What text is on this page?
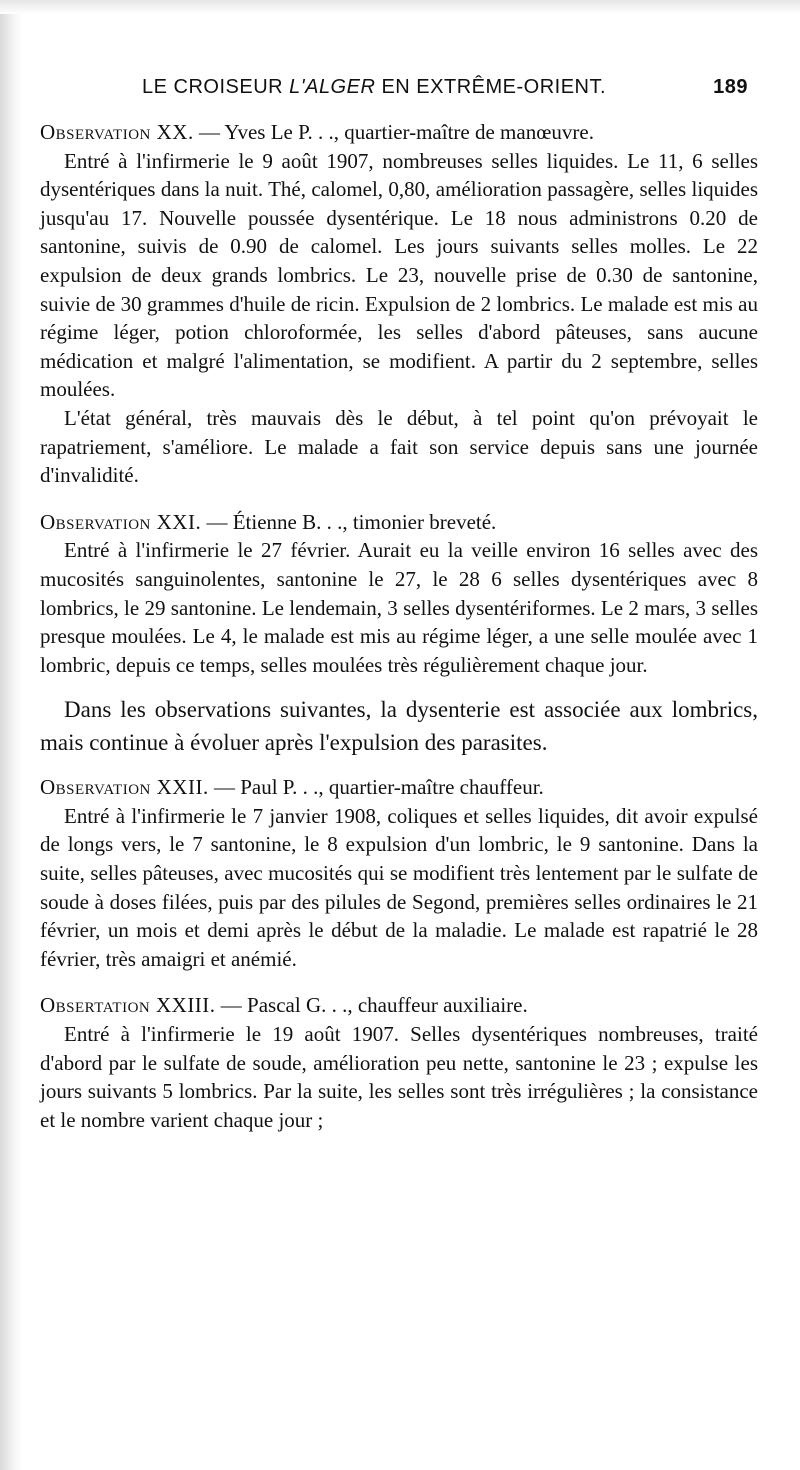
LE CROISEUR L'ALGER EN EXTRÊME-ORIENT.	189

Observation XX. — Yves Le P. . ., quartier-maître de manœuvre.

Entré à l'infirmerie le 9 août 1907, nombreuses selles liquides. Le 11, 6 selles dysentériques dans la nuit. Thé, calomel, 0,80, amélioration passagère, selles liquides jusqu'au 17. Nouvelle poussée dysentérique. Le 18 nous administrons 0.20 de santonine, suivis de 0.90 de calomel. Les jours suivants selles molles. Le 22 expulsion de deux grands lombrics. Le 23, nouvelle prise de 0.30 de santonine, suivie de 30 grammes d'huile de ricin. Expulsion de 2 lombrics. Le malade est mis au régime léger, potion chloroformée, les selles d'abord pâteuses, sans aucune médication et malgré l'alimentation, se modifient. A partir du 2 septembre, selles moulées.

L'état général, très mauvais dès le début, à tel point qu'on prévoyait le rapatriement, s'améliore. Le malade a fait son service depuis sans une journée d'invalidité.

Observation XXI. — Étienne B. . ., timonier breveté.

Entré à l'infirmerie le 27 février. Aurait eu la veille environ 16 selles avec des mucosités sanguinolentes, santonine le 27, le 28 6 selles dysentériques avec 8 lombrics, le 29 santonine. Le lendemain, 3 selles dysentériformes. Le 2 mars, 3 selles presque moulées. Le 4, le malade est mis au régime léger, a une selle moulée avec 1 lombric, depuis ce temps, selles moulées très régulièrement chaque jour.

Dans les observations suivantes, la dysenterie est associée aux lombrics, mais continue à évoluer après l'expulsion des parasites.

Observation XXII. — Paul P. . ., quartier-maître chauffeur.

Entré à l'infirmerie le 7 janvier 1908, coliques et selles liquides, dit avoir expulsé de longs vers, le 7 santonine, le 8 expulsion d'un lombric, le 9 santonine. Dans la suite, selles pâteuses, avec mucosités qui se modifient très lentement par le sulfate de soude à doses filées, puis par des pilules de Segond, premières selles ordinaires le 21 février, un mois et demi après le début de la maladie. Le malade est rapatrié le 28 février, très amaigri et anémié.

Obsertation XXIII. — Pascal G. . ., chauffeur auxiliaire.

Entré à l'infirmerie le 19 août 1907. Selles dysentériques nombreuses, traité d'abord par le sulfate de soude, amélioration peu nette, santonine le 23 ; expulse les jours suivants 5 lombrics. Par la suite, les selles sont très irrégulières ; la consistance et le nombre varient chaque jour ;
